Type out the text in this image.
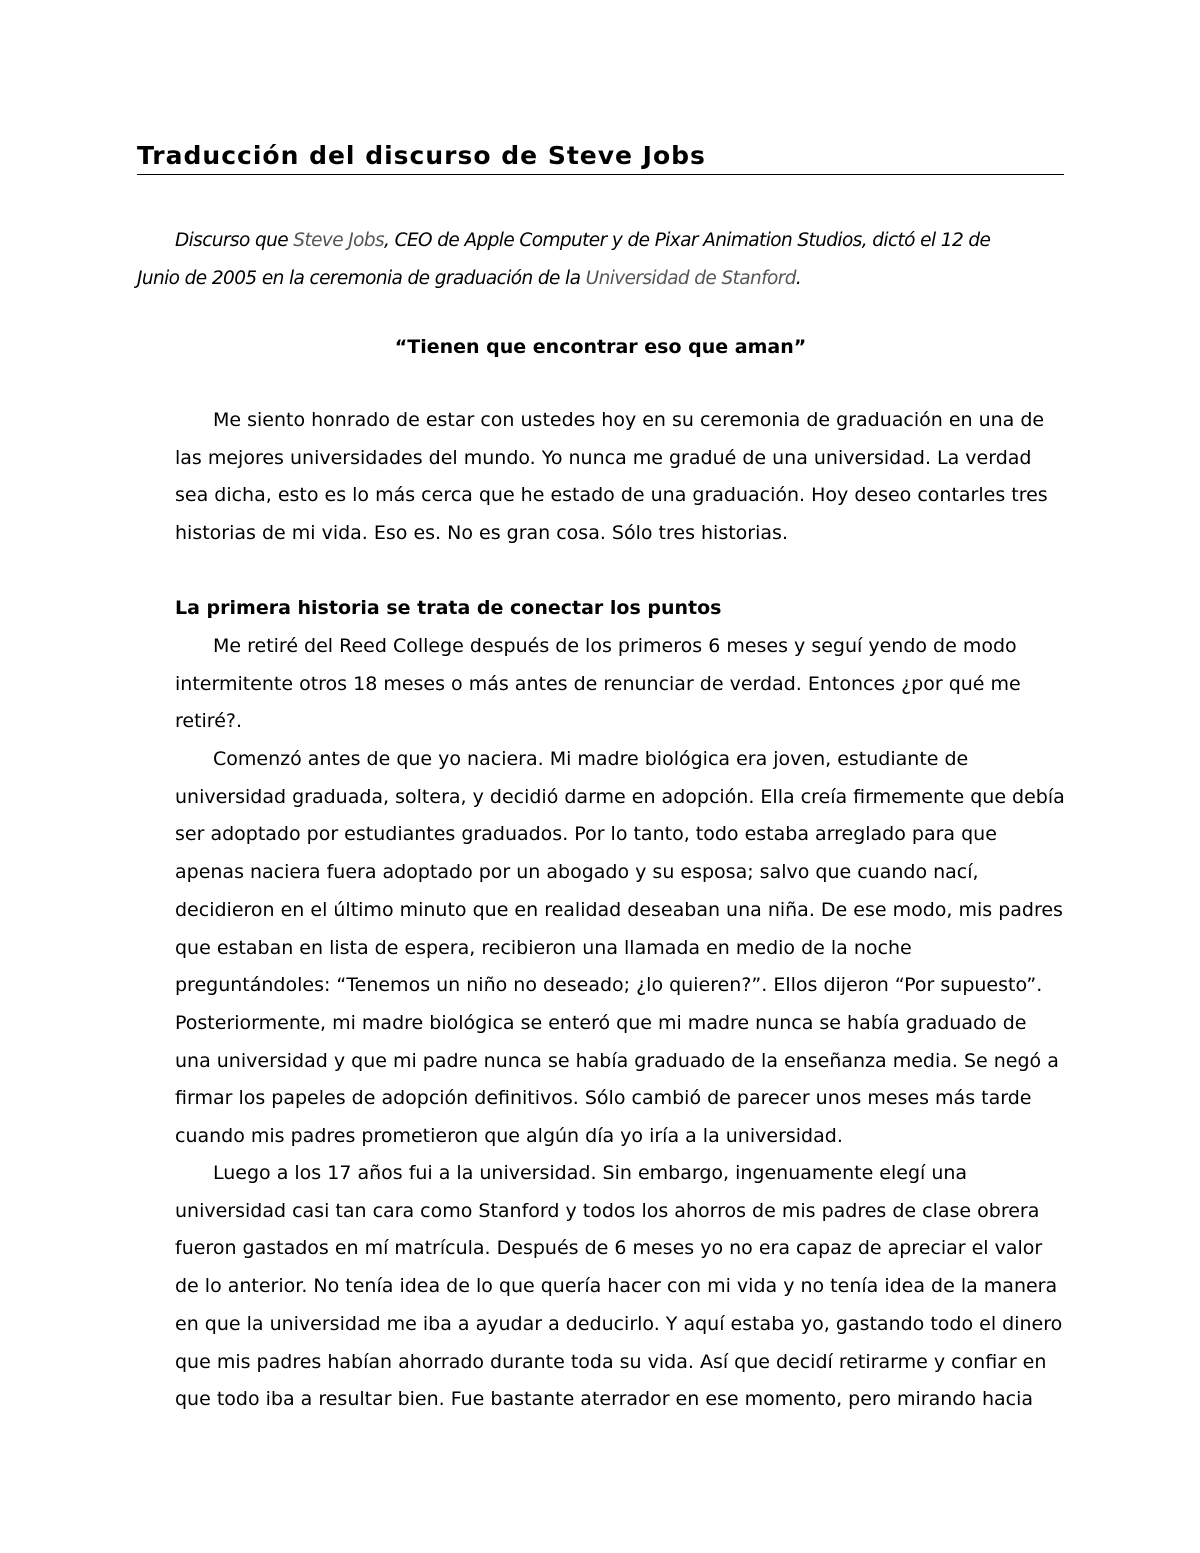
Traducción del discurso de Steve Jobs
Discurso que Steve Jobs, CEO de Apple Computer y de Pixar Animation Studios, dictó el 12 de
Junio de 2005 en la ceremonia de graduación de la Universidad de Stanford.
“Tienen que encontrar eso que aman”
Me siento honrado de estar con ustedes hoy en su ceremonia de graduación en una de
las mejores universidades del mundo. Yo nunca me gradué de una universidad. La verdad
sea dicha, esto es lo más cerca que he estado de una graduación. Hoy deseo contarles tres
historias de mi vida. Eso es. No es gran cosa. Sólo tres historias.
La primera historia se trata de conectar los puntos
Me retiré del Reed College después de los primeros 6 meses y seguí yendo de modo
intermitente otros 18 meses o más antes de renunciar de verdad. Entonces ¿por qué me
retiré?.
Comenzó antes de que yo naciera. Mi madre biológica era joven, estudiante de
universidad graduada, soltera, y decidió darme en adopción. Ella creía firmemente que debía
ser adoptado por estudiantes graduados. Por lo tanto, todo estaba arreglado para que
apenas naciera fuera adoptado por un abogado y su esposa; salvo que cuando nací,
decidieron en el último minuto que en realidad deseaban una niña. De ese modo, mis padres
que estaban en lista de espera, recibieron una llamada en medio de la noche
preguntándoles: “Tenemos un niño no deseado; ¿lo quieren?”. Ellos dijeron “Por supuesto”.
Posteriormente, mi madre biológica se enteró que mi madre nunca se había graduado de
una universidad y que mi padre nunca se había graduado de la enseñanza media. Se negó a
firmar los papeles de adopción definitivos. Sólo cambió de parecer unos meses más tarde
cuando mis padres prometieron que algún día yo iría a la universidad.
Luego a los 17 años fui a la universidad. Sin embargo, ingenuamente elegí una
universidad casi tan cara como Stanford y todos los ahorros de mis padres de clase obrera
fueron gastados en mí matrícula. Después de 6 meses yo no era capaz de apreciar el valor
de lo anterior. No tenía idea de lo que quería hacer con mi vida y no tenía idea de la manera
en que la universidad me iba a ayudar a deducirlo. Y aquí estaba yo, gastando todo el dinero
que mis padres habían ahorrado durante toda su vida. Así que decidí retirarme y confiar en
que todo iba a resultar bien. Fue bastante aterrador en ese momento, pero mirando hacia
